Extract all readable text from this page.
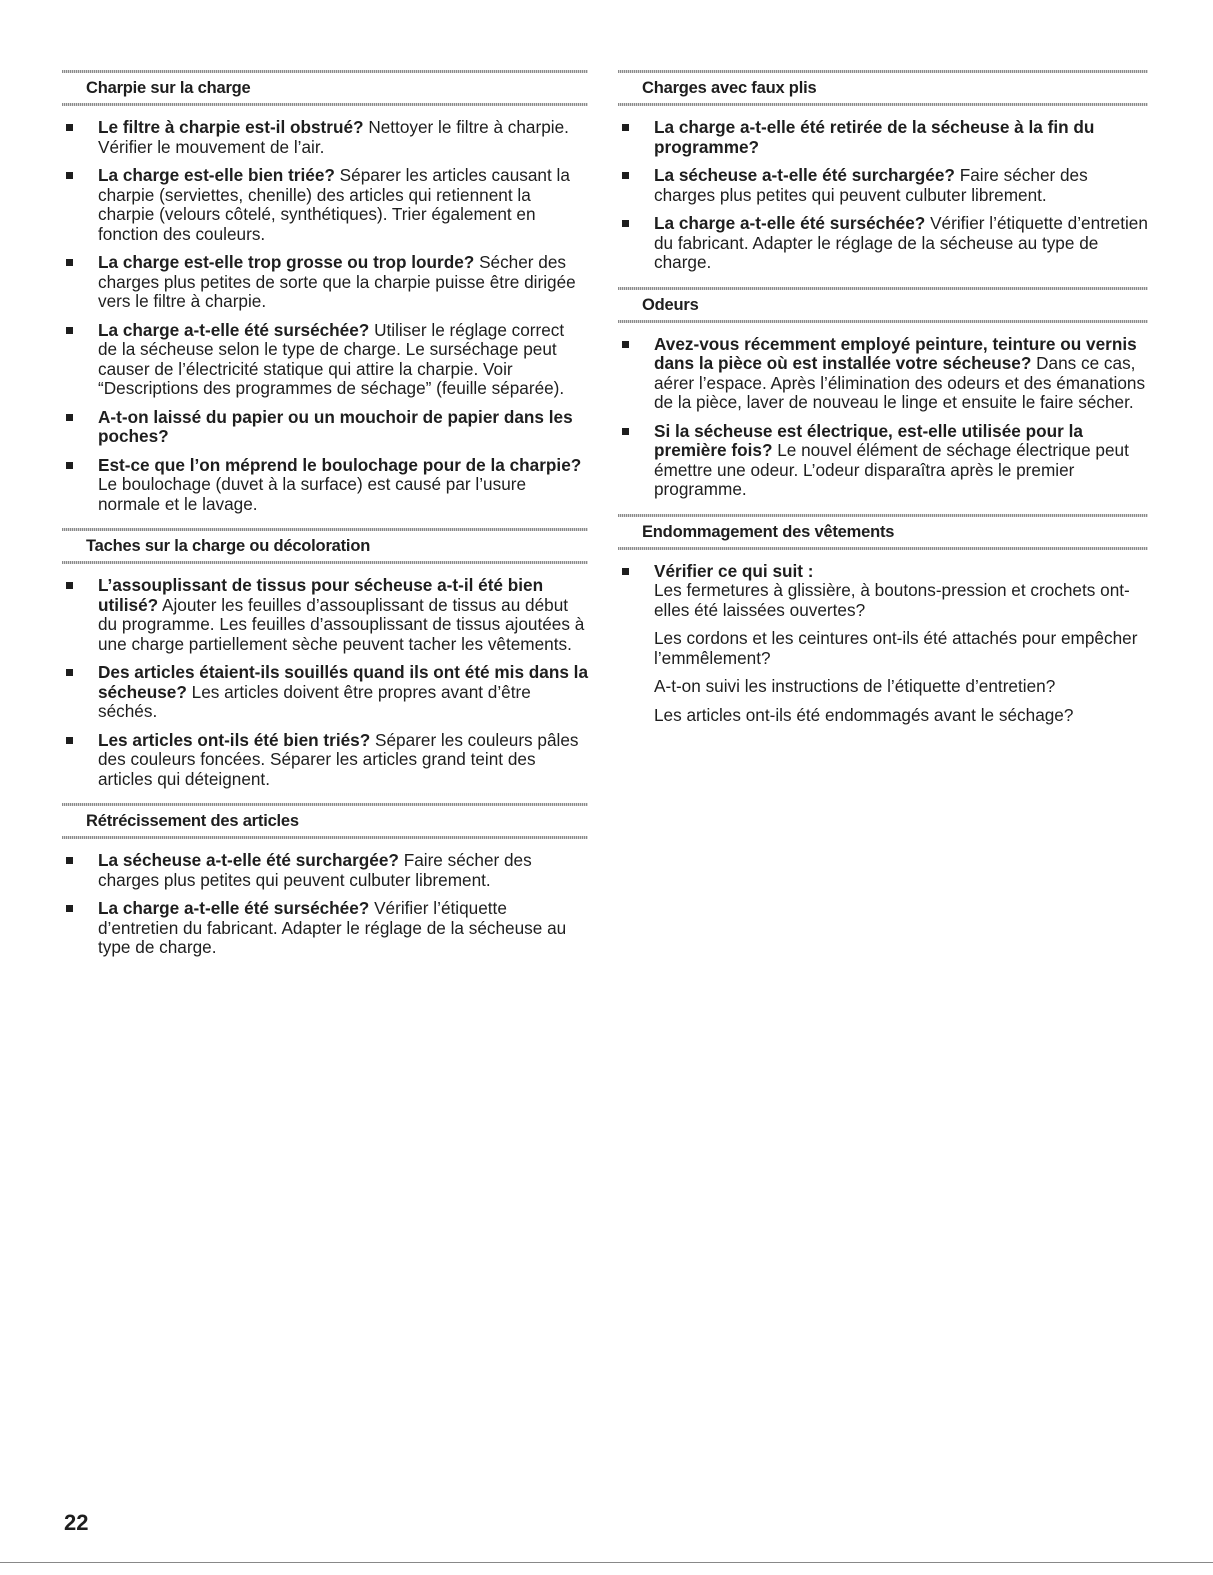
Charpie sur la charge
Le filtre à charpie est-il obstrué? Nettoyer le filtre à charpie. Vérifier le mouvement de l’air.
La charge est-elle bien triée? Séparer les articles causant la charpie (serviettes, chenille) des articles qui retiennent la charpie (velours côtelé, synthétiques). Trier également en fonction des couleurs.
La charge est-elle trop grosse ou trop lourde? Sécher des charges plus petites de sorte que la charpie puisse être dirigée vers le filtre à charpie.
La charge a-t-elle été surséchée? Utiliser le réglage correct de la sécheuse selon le type de charge. Le surséchage peut causer de l’électricité statique qui attire la charpie. Voir “Descriptions des programmes de séchage” (feuille séparée).
A-t-on laissé du papier ou un mouchoir de papier dans les poches?
Est-ce que l’on méprend le boulochage pour de la charpie? Le boulochage (duvet à la surface) est causé par l’usure normale et le lavage.
Taches sur la charge ou décoloration
L’assouplissant de tissus pour sécheuse a-t-il été bien utilisé? Ajouter les feuilles d’assouplissant de tissus au début du programme. Les feuilles d’assouplissant de tissus ajoutées à une charge partiellement sèche peuvent tacher les vêtements.
Des articles étaient-ils souillés quand ils ont été mis dans la sécheuse? Les articles doivent être propres avant d’être séchés.
Les articles ont-ils été bien triés? Séparer les couleurs pâles des couleurs foncées. Séparer les articles grand teint des articles qui déteignent.
Rétrécissement des articles
La sécheuse a-t-elle été surchargée? Faire sécher des charges plus petites qui peuvent culbuter librement.
La charge a-t-elle été surséchée? Vérifier l’étiquette d’entretien du fabricant. Adapter le réglage de la sécheuse au type de charge.
Charges avec faux plis
La charge a-t-elle été retirée de la sécheuse à la fin du programme?
La sécheuse a-t-elle été surchargée? Faire sécher des charges plus petites qui peuvent culbuter librement.
La charge a-t-elle été surséchée? Vérifier l’étiquette d’entretien du fabricant. Adapter le réglage de la sécheuse au type de charge.
Odeurs
Avez-vous récemment employé peinture, teinture ou vernis dans la pièce où est installée votre sécheuse? Dans ce cas, aérer l’espace. Après l’élimination des odeurs et des émanations de la pièce, laver de nouveau le linge et ensuite le faire sécher.
Si la sécheuse est électrique, est-elle utilisée pour la première fois? Le nouvel élément de séchage électrique peut émettre une odeur. L’odeur disparaîtra après le premier programme.
Endommagement des vêtements
Vérifier ce qui suit :
Les fermetures à glissière, à boutons-pression et crochets ont-elles été laissées ouvertes?

Les cordons et les ceintures ont-ils été attachés pour empêcher l’emmêlement?

A-t-on suivi les instructions de l’étiquette d’entretien?

Les articles ont-ils été endommagés avant le séchage?

22
